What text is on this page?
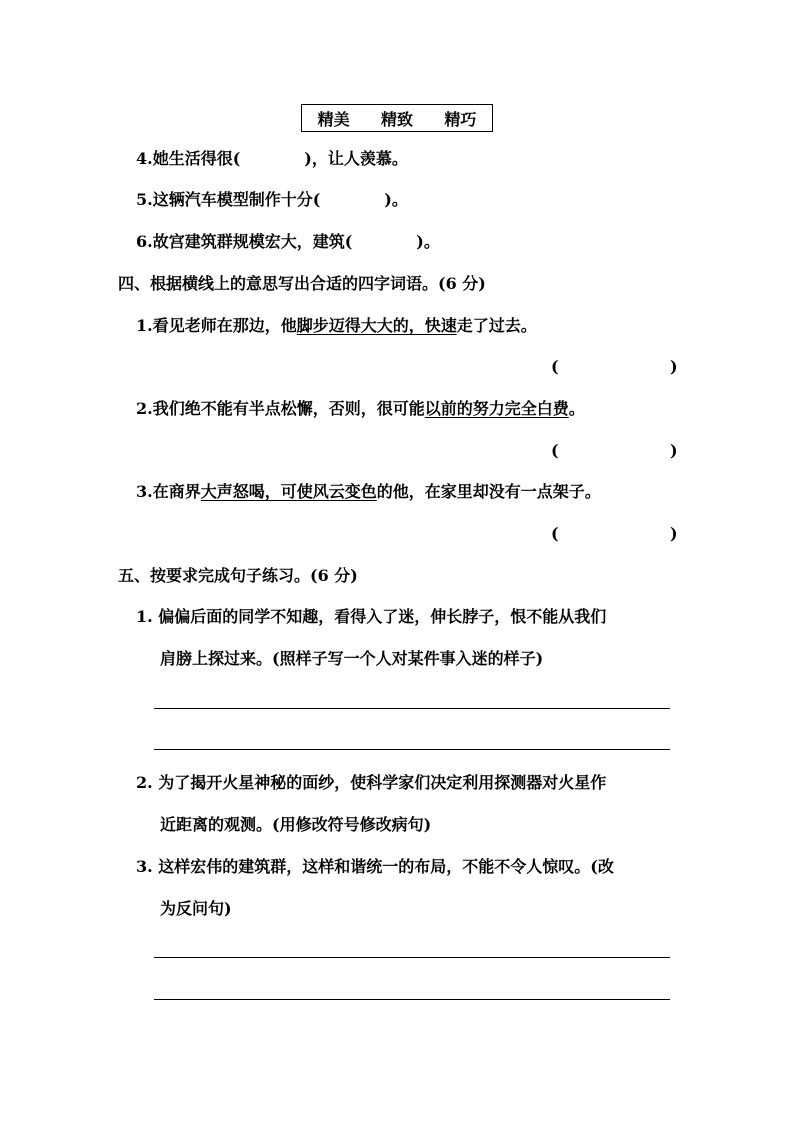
精美 精致 精巧
4.她生活得很(　　　　)，让人羡慕。
5.这辆汽车模型制作十分(　　　　)。
6.故宫建筑群规模宏大，建筑(　　　　)。
四、根据横线上的意思写出合适的四字词语。(6 分)
1.看见老师在那边，他脚步迈得大大的，快速走了过去。
(	)
2.我们绝不能有半点松懈，否则，很可能以前的努力完全白费。
(	)
3.在商界大声怒喝，可使风云变色的他，在家里却没有一点架子。
(	)
五、按要求完成句子练习。(6 分)
1. 偏偏后面的同学不知趣，看得入了迷，伸长脖子，恨不能从我们
肩膀上探过来。(照样子写一个人对某件事入迷的样子)
2. 为了揭开火星神秘的面纱，使科学家们决定利用探测器对火星作
近距离的观测。(用修改符号修改病句)
3. 这样宏伟的建筑群，这样和谐统一的布局，不能不令人惊叹。(改
为反问句)
